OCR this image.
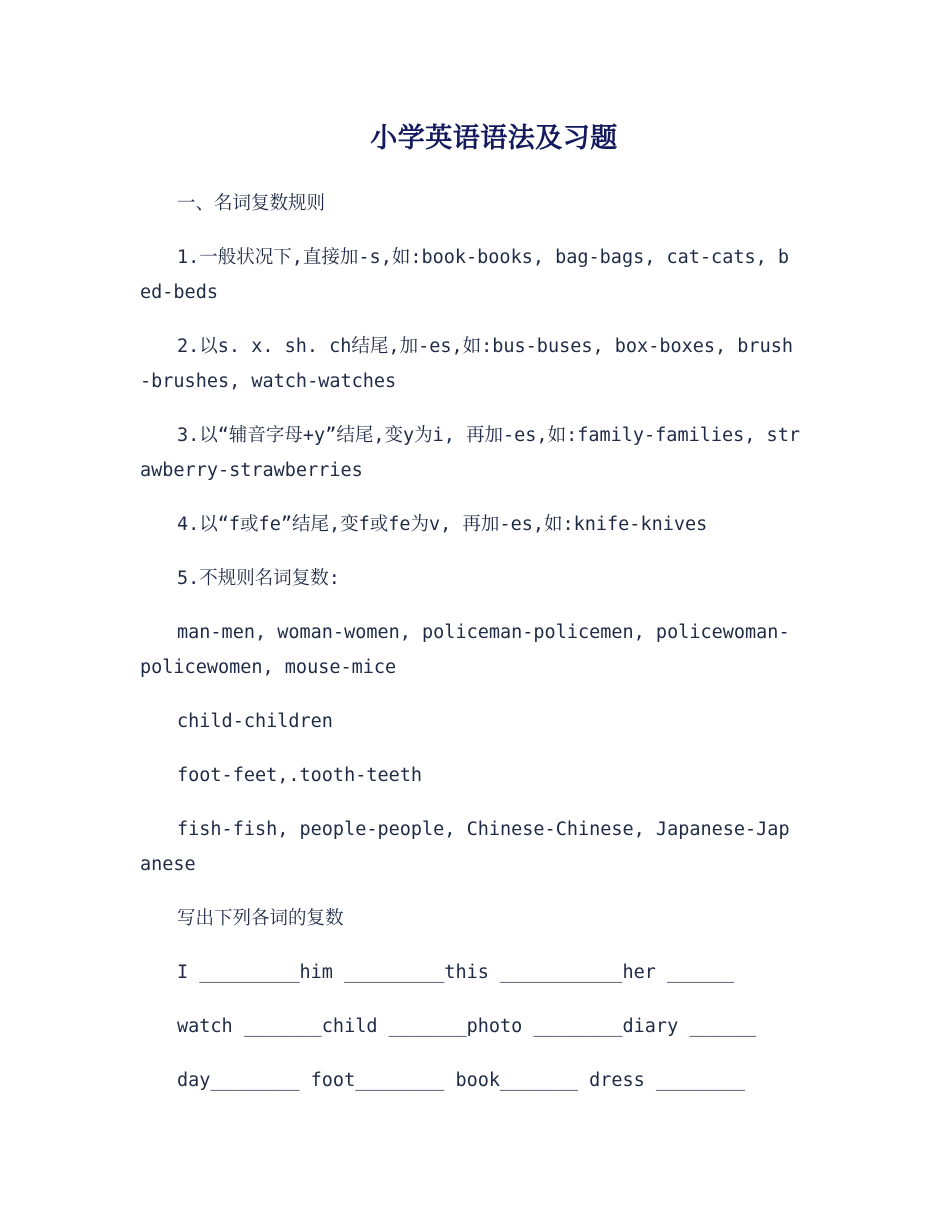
小学英语语法及习题

一、名词复数规则

1.一般状况下,直接加-s,如:book-books, bag-bags, cat-cats, bed-beds

2.以s. x. sh. ch结尾,加-es,如:bus-buses, box-boxes, brush-brushes, watch-watches

3.以“辅音字母+y”结尾,变y为i, 再加-es,如:family-families, strawberry-strawberries

4.以“f或fe”结尾,变f或fe为v, 再加-es,如:knife-knives

5.不规则名词复数:

man-men, woman-women, policeman-policemen, policewoman-policewomen, mouse-mice

child-children

foot-feet,.tooth-teeth

fish-fish, people-people, Chinese-Chinese, Japanese-Japanese

写出下列各词的复数

I _________him _________this ___________her ______

watch _______child _______photo ________diary ______

day________ foot________ book_______ dress ________
